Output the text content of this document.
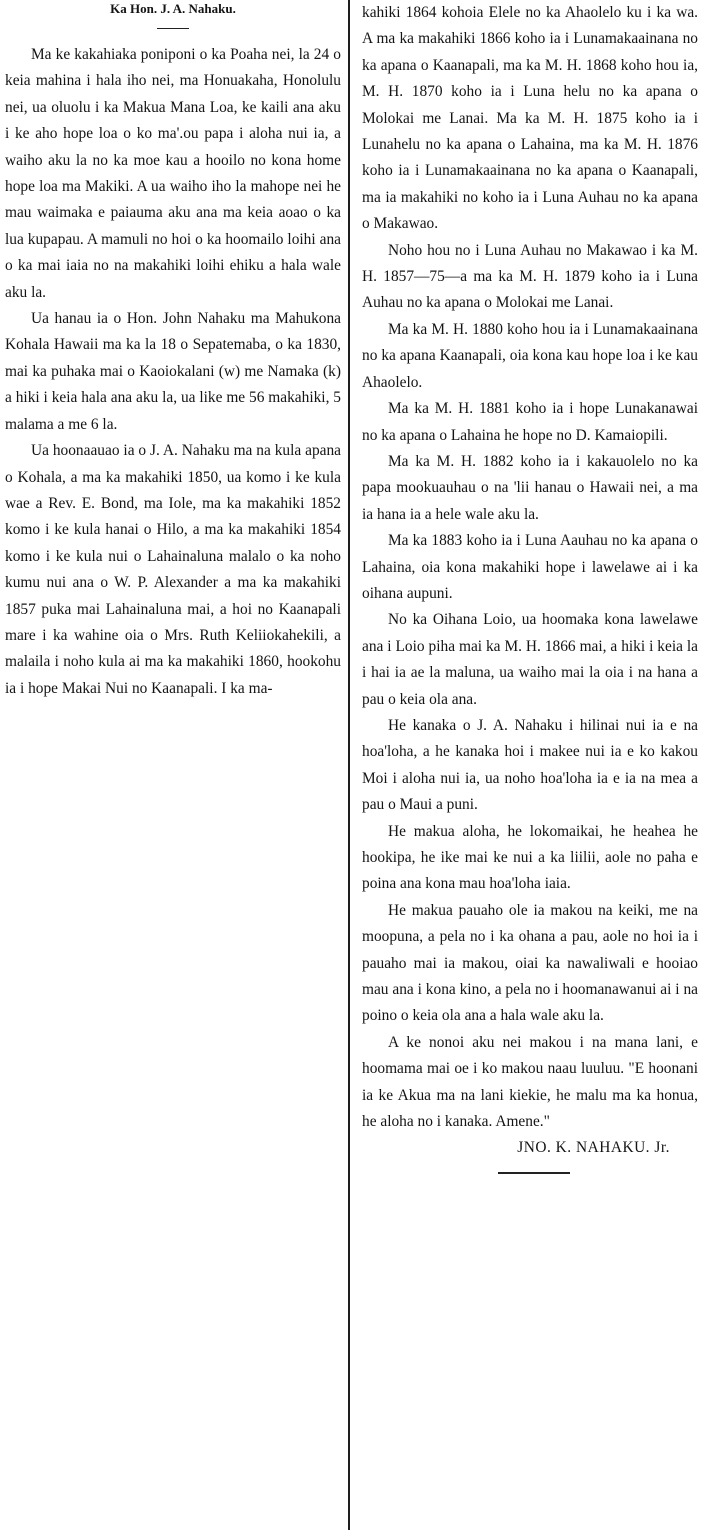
Ka Hon. J. A. Nahaku.

Ma ke kakahiaka poniponi o ka Poaha nei, la 24 o keia mahina i hala iho nei, ma Honuakaha, Honolulu nei, ua oluolu i ka Makua Mana Loa, ke kaili ana aku i ke aho hope loa o ko ma'.ou papa i aloha nui ia, a waiho aku la no ka moe kau a hooilo no kona home hope loa ma Makiki. A ua waiho iho la mahope nei he mau waimaka e paiauma aku ana ma keia aoao o ka lua kupapau. A mamuli no hoi o ka hoomailo loihi ana o ka mai iaia no na makahiki loihi ehiku a hala wale aku la.

Ua hanau ia o Hon. John Nahaku ma Mahukona Kohala Hawaii ma ka la 18 o Sepatemaba, o ka 1830, mai ka puhaka mai o Kaoiokalani (w) me Namaka (k) a hiki i keia hala ana aku la, ua like me 56 makahiki, 5 malama a me 6 la.

Ua hoonaauao ia o J. A. Nahaku ma na kula apana o Kohala, a ma ka makahiki 1850, ua komo i ke kula wae a Rev. E. Bond, ma Iole, ma ka makahiki 1852 komo i ke kula hanai o Hilo, a ma ka makahiki 1854 komo i ke kula nui o Lahainaluna malalo o ka noho kumu nui ana o W. P. Alexander a ma ka makahiki 1857 puka mai Lahainaluna mai, a hoi no Kaanapali mare i ka wahine oia o Mrs. Ruth Keliiokahekili, a malaila i noho kula ai ma ka makahiki 1860, hookohu ia i hope Makai Nui no Kaanapali. I ka ma-

kahiki 1864 kohoia Elele no ka Ahaolelo ku i ka wa. A ma ka makahiki 1866 koho ia i Lunamakaainana no ka apana o Kaanapali, ma ka M. H. 1868 koho hou ia, M. H. 1870 koho ia i Luna helu no ka apana o Molokai me Lanai. Ma ka M. H. 1875 koho ia i Lunahelu no ka apana o Lahaina, ma ka M. H. 1876 koho ia i Lunamakaainana no ka apana o Kaanapali, ma ia makahiki no koho ia i Luna Auhau no ka apana o Makawao.

Noho hou no i Luna Auhau no Makawao i ka M. H. 1857—75—a ma ka M. H. 1879 koho ia i Luna Auhau no ka apana o Molokai me Lanai.

Ma ka M. H. 1880 koho hou ia i Lunamakaainana no ka apana Kaanapali, oia kona kau hope loa i ke kau Ahaolelo.

Ma ka M. H. 1881 koho ia i hope Lunakanawai no ka apana o Lahaina he hope no D. Kamaiopili.

Ma ka M. H. 1882 koho ia i kakauolelo no ka papa mookuauhau o na 'lii hanau o Hawaii nei, a ma ia hana ia a hele wale aku la.

Ma ka 1883 koho ia i Luna Aauhau no ka apana o Lahaina, oia kona makahiki hope i lawelawe ai i ka oihana aupuni.

No ka Oihana Loio, ua hoomaka kona lawelawe ana i Loio piha mai ka M. H. 1866 mai, a hiki i keia la i hai ia ae la maluna, ua waiho mai la oia i na hana a pau o keia ola ana.

He kanaka o J. A. Nahaku i hilinai nui ia e na hoa'loha, a he kanaka hoi i makee nui ia e ko kakou Moi i aloha nui ia, ua noho hoa'loha ia e ia na mea a pau o Maui a puni.

He makua aloha, he lokomaikai, he heahea he hookipa, he ike mai ke nui a ka liilii, aole no paha e poina ana kona mau hoa'loha iaia.

He makua pauaho ole ia makou na keiki, me na moopuna, a pela no i ka ohana a pau, aole no hoi ia i pauaho mai ia makou, oiai ka nawaliwali e hooiao mau ana i kona kino, a pela no i hoomanawanui ai i na poino o keia ola ana a hala wale aku la.

A ke nonoi aku nei makou i na mana lani, e hoomama mai oe i ko makou naau luuluu. "E hoonani ia ke Akua ma na lani kiekie, he malu ma ka honua, he aloha no i kanaka. Amene."

JNO. K. NAHAKU. Jr.
